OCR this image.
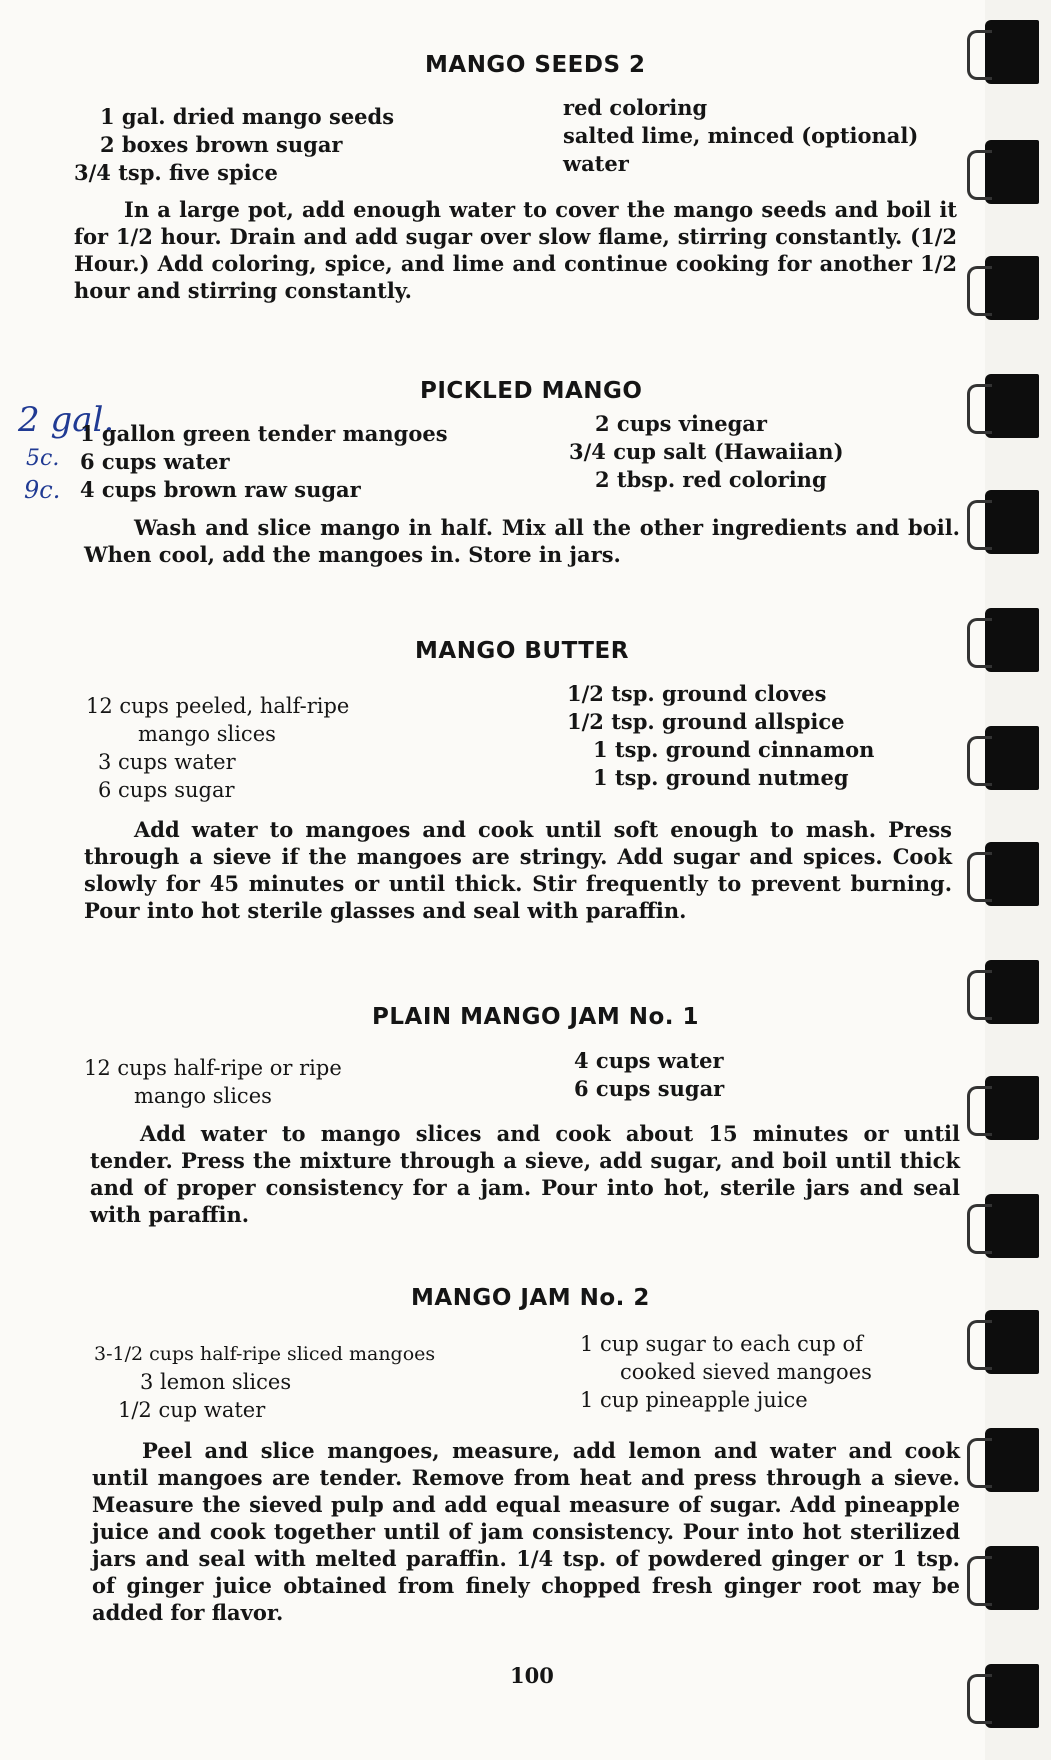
MANGO SEEDS 2
1 gal. dried mango seeds
2 boxes brown sugar
3/4 tsp. five spice
red coloring
salted lime, minced (optional)
water
In a large pot, add enough water to cover the mango seeds and boil it for 1/2 hour. Drain and add sugar over slow flame, stirring constantly. (1/2 Hour.) Add coloring, spice, and lime and continue cooking for another 1/2 hour and stirring constantly.
PICKLED MANGO
2 gal.
5c.
9c.
1 gallon green tender mangoes
6 cups water
4 cups brown raw sugar
2 cups vinegar
3/4 cup salt (Hawaiian)
2 tbsp. red coloring
Wash and slice mango in half. Mix all the other ingredients and boil. When cool, add the mangoes in. Store in jars.
MANGO BUTTER
12 cups peeled, half-ripe
mango slices
3 cups water
6 cups sugar
1/2 tsp. ground cloves
1/2 tsp. ground allspice
1 tsp. ground cinnamon
1 tsp. ground nutmeg
Add water to mangoes and cook until soft enough to mash. Press through a sieve if the mangoes are stringy. Add sugar and spices. Cook slowly for 45 minutes or until thick. Stir frequently to prevent burning. Pour into hot sterile glasses and seal with paraffin.
PLAIN MANGO JAM No. 1
12 cups half-ripe or ripe
mango slices
4 cups water
6 cups sugar
Add water to mango slices and cook about 15 minutes or until tender. Press the mixture through a sieve, add sugar, and boil until thick and of proper consistency for a jam. Pour into hot, sterile jars and seal with paraffin.
MANGO JAM No. 2
3-1/2 cups half-ripe sliced mangoes
3 lemon slices
1/2 cup water
1 cup sugar to each cup of
cooked sieved mangoes
1 cup pineapple juice
Peel and slice mangoes, measure, add lemon and water and cook until mangoes are tender. Remove from heat and press through a sieve. Measure the sieved pulp and add equal measure of sugar. Add pineapple juice and cook together until of jam consistency. Pour into hot sterilized jars and seal with melted paraffin. 1/4 tsp. of powdered ginger or 1 tsp. of ginger juice obtained from finely chopped fresh ginger root may be added for flavor.
100
